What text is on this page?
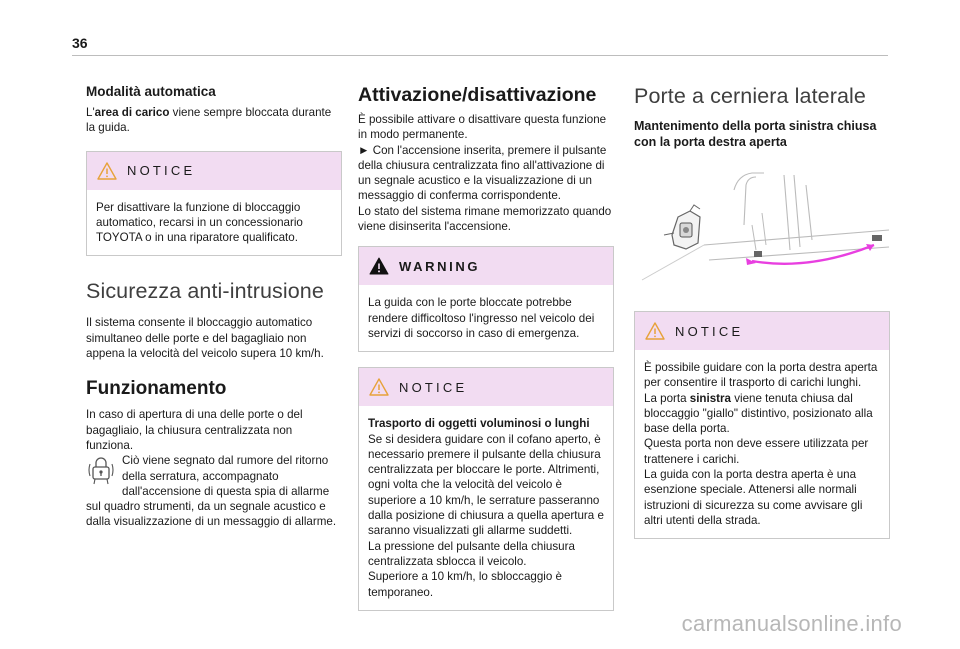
36
Modalità automatica
L'area di carico viene sempre bloccata durante la guida.
NOTICE
Per disattivare la funzione di bloccaggio automatico, recarsi in un concessionario TOYOTA o in una riparatore qualificato.
Sicurezza anti-intrusione
Il sistema consente il bloccaggio automatico simultaneo delle porte e del bagagliaio non appena la velocità del veicolo supera 10 km/h.
Funzionamento
In caso di apertura di una delle porte o del bagagliaio, la chiusura centralizzata non funziona.
Ciò viene segnato dal rumore del ritorno della serratura, accompagnato dall'accensione di questa spia di allarme sul quadro strumenti, da un segnale acustico e dalla visualizzazione di un messaggio di allarme.
Attivazione/disattivazione
È possibile attivare o disattivare questa funzione in modo permanente.
► Con l'accensione inserita, premere il pulsante della chiusura centralizzata fino all'attivazione di un segnale acustico e la visualizzazione di un messaggio di conferma corrispondente.
Lo stato del sistema rimane memorizzato quando viene disinserita l'accensione.
WARNING
La guida con le porte bloccate potrebbe rendere difficoltoso l'ingresso nel veicolo dei servizi di soccorso in caso di emergenza.
NOTICE
Trasporto di oggetti voluminosi o lunghi
Se si desidera guidare con il cofano aperto, è necessario premere il pulsante della chiusura centralizzata per bloccare le porte. Altrimenti, ogni volta che la velocità del veicolo è superiore a 10 km/h, le serrature passeranno dalla posizione di chiusura a quella apertura e saranno visualizzati gli allarme suddetti.
La pressione del pulsante della chiusura centralizzata sblocca il veicolo.
Superiore a 10 km/h, lo sbloccaggio è temporaneo.
Porte a cerniera laterale
Mantenimento della porta sinistra chiusa con la porta destra aperta
NOTICE
È possibile guidare con la porta destra aperta per consentire il trasporto di carichi lunghi.
La porta sinistra viene tenuta chiusa dal bloccaggio "giallo" distintivo, posizionato alla base della porta.
Questa porta non deve essere utilizzata per trattenere i carichi.
La guida con la porta destra aperta è una esenzione speciale. Attenersi alle normali istruzioni di sicurezza su come avvisare gli altri utenti della strada.
carmanualsonline.info
